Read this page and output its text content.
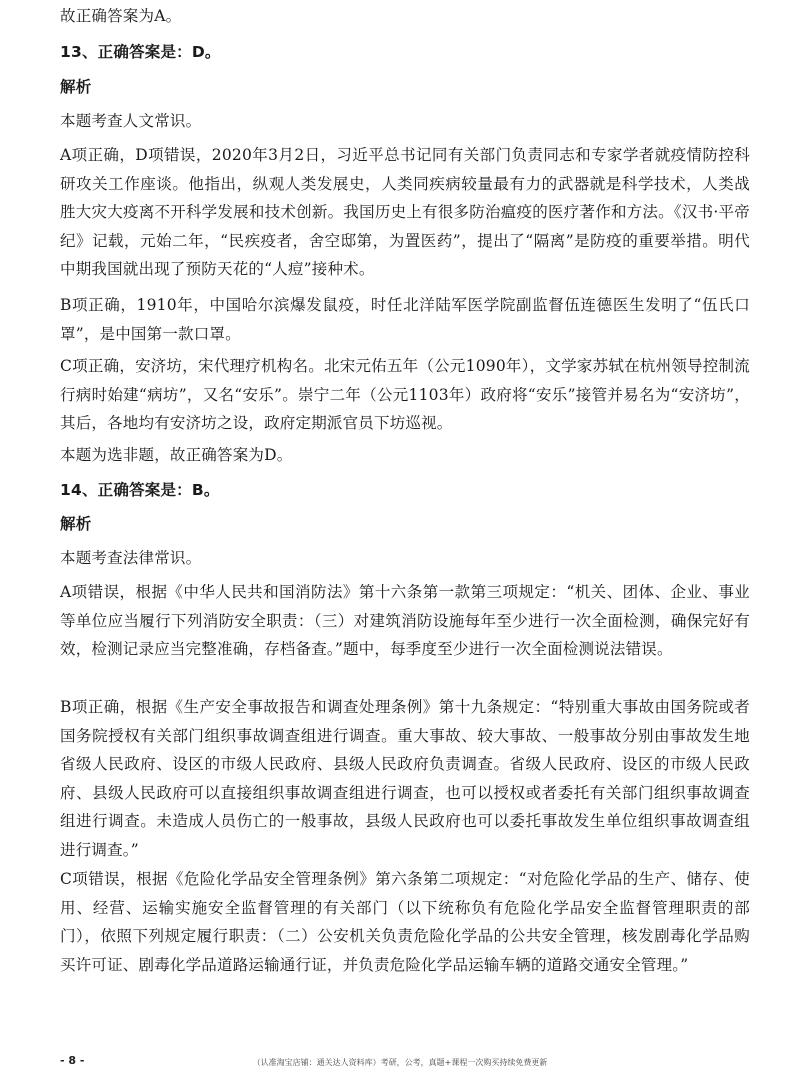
故正确答案为A。

13、正确答案是：D。

解析

本题考查人文常识。

A项正确，D项错误，2020年3月2日，习近平总书记同有关部门负责同志和专家学者就疫情防控科研攻关工作座谈。他指出，纵观人类发展史，人类同疾病较量最有力的武器就是科学技术，人类战胜大灾大疫离不开科学发展和技术创新。我国历史上有很多防治瘟疫的医疗著作和方法。《汉书·平帝纪》记载，元始二年，“民疾疫者，舍空邸第，为置医药”，提出了“隔离”是防疫的重要举措。明代中期我国就出现了预防天花的“人痘”接种术。

B项正确，1910年，中国哈尔滨爆发鼠疫，时任北洋陆军医学院副监督伍连德医生发明了“伍氏口罩”，是中国第一款口罩。

C项正确，安济坊，宋代理疗机构名。北宋元佑五年（公元1090年），文学家苏轼在杭州领导控制流行病时始建“病坊”，又名“安乐”。崇宁二年（公元1103年）政府将“安乐”接管并易名为“安济坊”，其后，各地均有安济坊之设，政府定期派官员下坊巡视。

本题为选非题，故正确答案为D。

14、正确答案是：B。

解析

本题考查法律常识。

A项错误，根据《中华人民共和国消防法》第十六条第一款第三项规定：“机关、团体、企业、事业等单位应当履行下列消防安全职责：（三）对建筑消防设施每年至少进行一次全面检测，确保完好有效，检测记录应当完整准确，存档备查。”题中，每季度至少进行一次全面检测说法错误。

B项正确，根据《生产安全事故报告和调查处理条例》第十九条规定：“特别重大事故由国务院或者国务院授权有关部门组织事故调查组进行调查。重大事故、较大事故、一般事故分别由事故发生地省级人民政府、设区的市级人民政府、县级人民政府负责调查。省级人民政府、设区的市级人民政府、县级人民政府可以直接组织事故调查组进行调查，也可以授权或者委托有关部门组织事故调查组进行调查。未造成人员伤亡的一般事故，县级人民政府也可以委托事故发生单位组织事故调查组进行调查。”

C项错误，根据《危险化学品安全管理条例》第六条第二项规定：“对危险化学品的生产、储存、使用、经营、运输实施安全监督管理的有关部门（以下统称负有危险化学品安全监督管理职责的部门），依照下列规定履行职责：（二）公安机关负责危险化学品的公共安全管理，核发剧毒化学品购买许可证、剧毒化学品道路运输通行证，并负责危险化学品运输车辆的道路交通安全管理。”

- 8 -	（认准淘宝店铺：通关达人资料库）考研，公考，真题+课程一次购买持续免费更新
